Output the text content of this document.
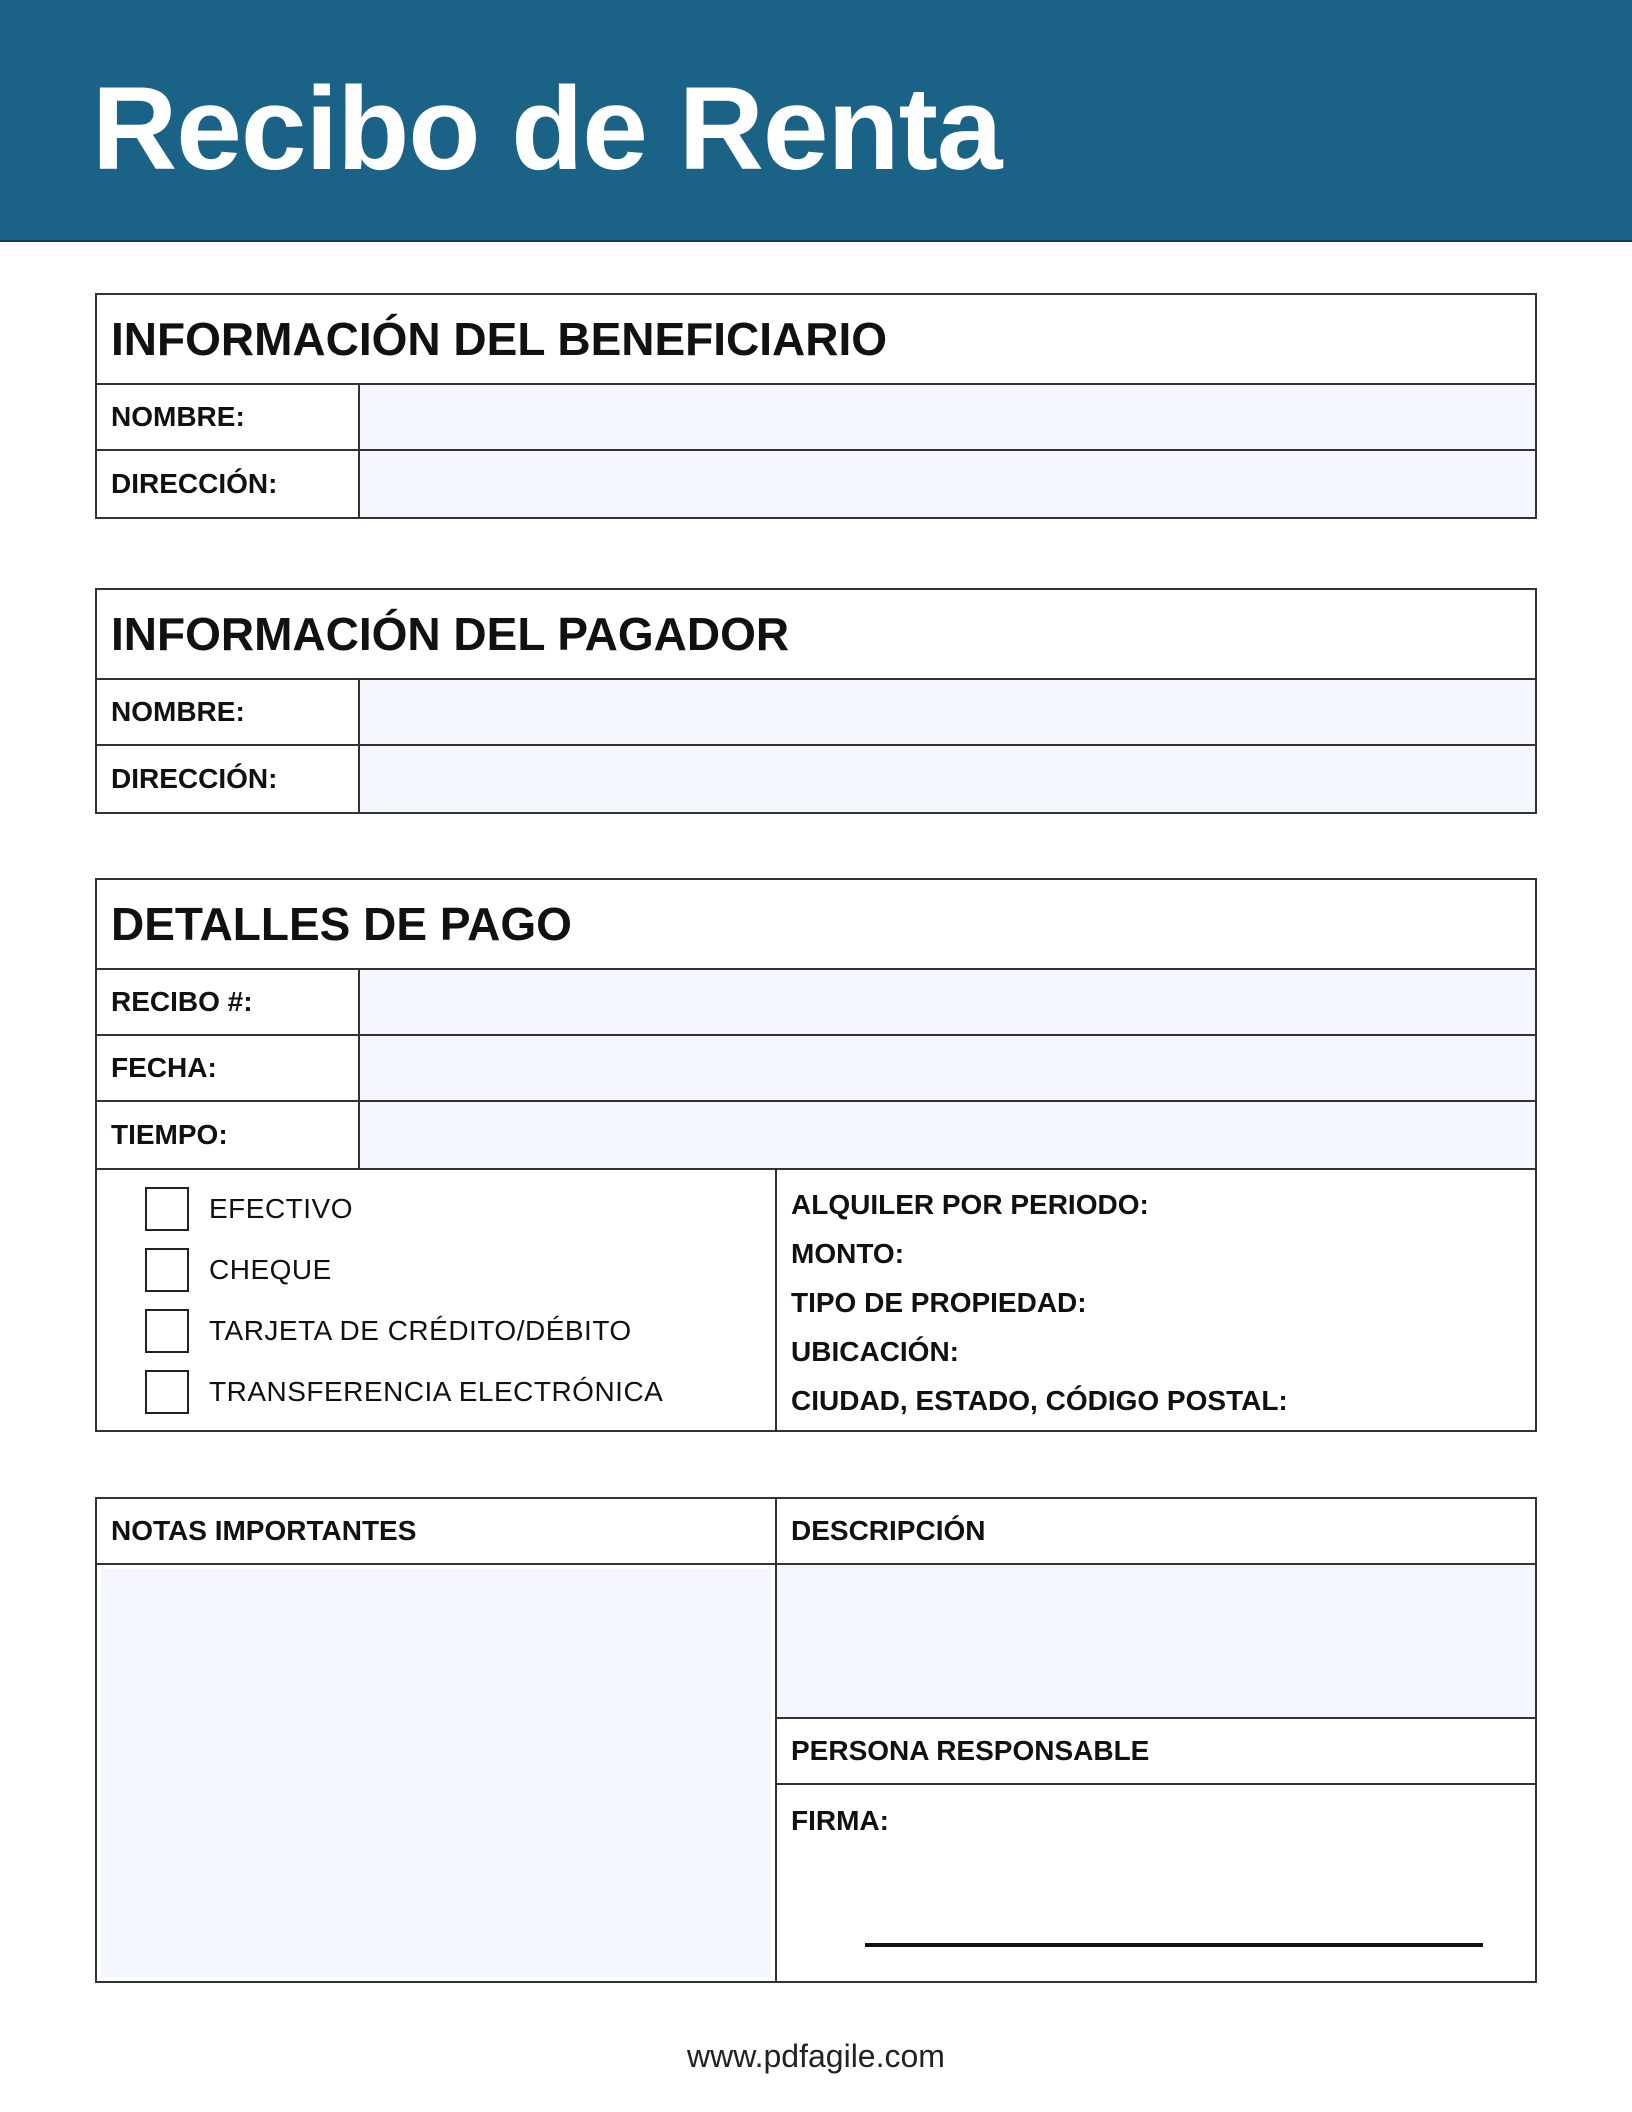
Recibo de Renta
INFORMACIÓN DEL BENEFICIARIO
NOMBRE:
DIRECCIÓN:
INFORMACIÓN DEL PAGADOR
NOMBRE:
DIRECCIÓN:
DETALLES DE PAGO
RECIBO #:
FECHA:
TIEMPO:
EFECTIVO
CHEQUE
TARJETA DE CRÉDITO/DÉBITO
TRANSFERENCIA ELECTRÓNICA
ALQUILER POR PERIODO:
MONTO:
TIPO DE PROPIEDAD:
UBICACIÓN:
CIUDAD, ESTADO, CÓDIGO POSTAL:
NOTAS IMPORTANTES	DESCRIPCIÓN
PERSONA RESPONSABLE
FIRMA:
www.pdfagile.com
